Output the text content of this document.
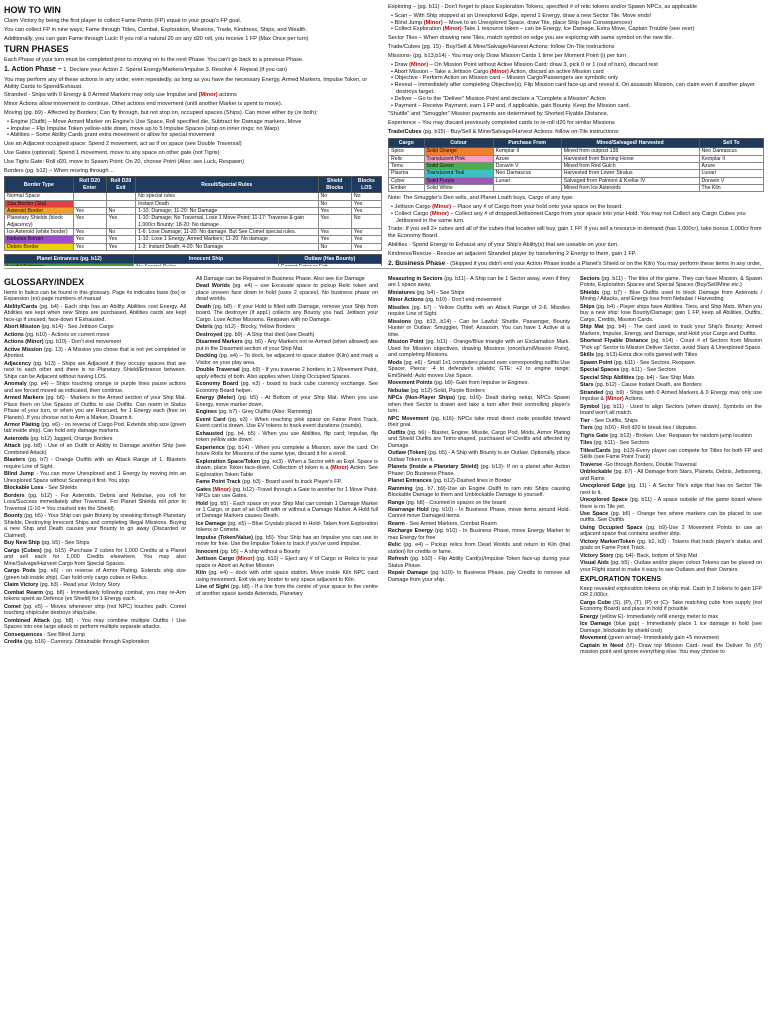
HOW TO WIN

Claim Victory by being the first player to collect Fame Points (FP) equal to your group's FP goal.

You can collect FP in nine ways; Fame through Titles, Combat, Exploration, Missions, Trade, Kindness, Ships, and Wealth.

Additionally, you can gain Fame through Luck: If you roll a natural 20 on any d20 roll, you receive 1 FP (Max Once per turn)

TURN PHASES

Each Phase of your turn must be completed prior to moving on to the next Phase. You can't go back to a previous Phase.

1. Action Phase – 1. Declare your Action 2. Spend Energy/Markers/Impulse 3. Resolve 4. Repeat (if you can)

You may perform any of these actions in any order, even repeatedly, as long as you have the necessary Energy, Armed Markers, Impulse Token, or Ability Cards to Spend/Exhaust.

Stranded - Ships with 0 Energy & 0 Armed Markers may only use Impulse and (Minor) actions

Minor Actions allow movement to continue. Other actions end movement (until another Marker is spent to move).

Moving (pg. b9) - Affected by Borders; Can fly through, but not stop on, occupied spaces (Ships). Can move either by (or both):

• Engine (Outfit) – Move Armed Marker on Engine's Use Space, Roll specified die, Subtract for Damage markers, Move
• Impulse – Flip Impulse Token yellow-side down, move up to 5 Impulse Spaces (stop on inner rings; no Warp)
• Abilities – Some Ability Cards grant extra movement or allow for special movement

Use an Adjacent occupied space: Spend 2 movement, act as if on space (see Double Traversal)

Use Gates (optional): Spend 1 movement, move to any space on other gate (not Tigris)

Use Tigris Gate: Roll d20, move to Spawn Point; On 20, choose Point (Also: see Luck, Respawn)

Borders (pg. b12) – When moving through…

Border Type	Roll D20 Enter	Roll D20 Exit	Result/Special Rules	Shield Blocks	Blocks LOS
Normal Space			No special rules	No	No
Star Border (Sta)			Instant Death	No	Yes
Asteroid Border	Yes	No	1-10: Damage; 11-20: No Damage	Yes	Yes
Planetary Shields (block Adjacency)	Yes	Yes	1-10: Damage; No Traversal, Lose 1 Move Point; 11-17: Traverse & gain 1,000cr Bounty; 18-20: No damage	Yes	No
Ice Asteroid (white border)	Yes	No	1-6: Lose Damage; 11-20: No damage. But See Comet special rules.	Yes	Yes
Nebulae Border	Yes	Yes	1-10: Lose 1 Energy, Armed Markers; 11-20: No damage	Yes	Yes
Debris Border	Yes	Yes	1-3: Instant Death; 4-20: No Damage	No	Yes
Planet Entrances (pg. b12)	Innocent Ship	Outlaw (Has Bounty)

Exploring – (pg. b11) - Don't forget to place Exploration Tokens, specified # of relic tokens and/or Spawn NPCs, as applicable

• Scan – With Ship stopped at an Unexplored Edge, spend 1 Energy, draw a new Sector Tile. Move ends!
• Blind Jump (Minor) – Move to an Unexplored Space, draw Tile, place Ship (see Consequences)
• Collect Exploration (Minor)-Take 1 resource token – can be Energy, Ice Damage, Extra Move, Captain Trouble (see over)

Sector Tiles – When drawing new Tiles, match symbol on edge you are exploring with same symbol on the new tile.

Trade/Cubes (pg. 15) - Buy/Sell & Mine/Salvage/Harvest Actions: follow On-Tile instructions

Missions- (pg. b13,b14) - You may only Draw Mission Cards 1 time per Moment Point (i) per turn

• Draw (Minor) – On Mission Point without Active Mission Card: draw 3, pick 0 or 1 (out of turn), discard rest
• Abort Mission – Take a Jettison Cargo (Minor) Action, discard an active Mission card
• Objective - Perform Action on Mission card – Mission Cargo/Passengers are symbolic only
• Reveal – Immediately after completing Objective(s), Flip Mission card face-up and reveal it. On assassin Mission, can claim even if another player destroys target.
• Deliver – Go to the "Deliver" Mission Point and declare a "Complete a Mission" Action
• Payment – Receive Payment, earn 1 FP and, if applicable, gain Bounty. Keep the Mission card.

"Shuttle" and "Smuggler" Mission payments are determined by Shorted Flyable Distance.

Experience – You may discard previously completed cards to re-roll d20 for similar Missions

Trade/Cubes (pg. b15) - Buy/Sell & Mine/Salvage/Harvest Actions: follow on-Tile instructions:

Cargo	Colour	Purchase From	Mined/Salvaged/ Harvested	Sell To
Spice	Solid Orange	Kemplar II	Mined from outpost 138	Neo Damascus
Relic	Translucent Pink	Azure	Harvested from Burning Horse	Kemplar II
Terra	Solid Green	Doravin V	Mined from Red Gulch	Azure
Plasma	Translucent Teal	Neo Damascus	Harvested from Lower Stratus	Lunari
Cyber	Solid Purple	Lunari	Salvaged from Palmont & Krellar IV	Doravin V
Ember	Solid White		Mined from Ice Asteroids	The Kiln

Note: The Smuggler's Den sells, and Planet Loath buys, Cargo of any type.

• Jettison Cargo (Minor) – Place any # of Cargo from your hold onto your space on the board.
• Collect Cargo (Minor) – Collect any # of dropped/Jettisoned Cargo from your space into your Hold. You may not Collect any Cargo Cubes you Jettisoned in the same turn.

Trade: If you sell 2+ cubes and all of the cubes that location will buy, gain 1 FP. If you sell a resource in demand (has 1,000cr), take bonus 1,000cr from the Economy Board.

Abilities - Spend Energy to Exhaust any of your Ship's Ability(s) that are useable on your turn.

Kindness/Rescue - Rescue an adjacent Stranded player by transferring 2 Energy to them, gain 1 FP.

2. Business Phase - (Skipped if you didn't end your Action Phase inside a Planet's Shield or on the Kiln) You may perform these items in any order,

GLOSSARY/INDEX

Items in Italics can be found in this glossary. Page #s indicates base (bx) or Expansion (ex) page numbers of manual

Ability/Cards (pg. b4) - Each ship has an Ability. Abilities cost Energy. All Abilities are kept when new Ships are purchased. Abilities cards are kept face-up if unused, face-down if Exhausted.

Abort Mission (pg. b14) - See Jettison Cargo

Actions (pg. b10) - Actions on current move

Actions (Minor) (pg. b10) - Don't end movement

Active Mission (pg. 13) - A Mission you chose that is not yet completed or Aborted.

Adjacency (pg. b13) - Ships are Adjacent if they occupy spaces that are next to each other and there is no Planetary Shield/Entrance between. Ships can be Adjacent without having LOS.

Anomaly (pg. e4) – Ships touching orange or purple lines pause actions and are forced moved as indicated, then continue.

Armed Markers (pg. b6) - Markers in the Armed section of your Ship Mat. Place them on Use Spaces of Outfits to use Outfits. Can rearm in Status Phase of your turn, or when you are Rescued, for 1 Energy each (free on Planets). If you choose not to Arm a Marker, Disarm it.

Armor Plating (pg. e6) - on reverse of Cargo Pod. Extends ship size (green tab inside ship). Can hold only damage markers.

Asteroids (pg. b12) Jagged, Orange Borders

Attack (pg. b8) - Use of an Outfit or Ability to Damage another Ship (see Combined Attack)

Blasters (pg. b7) - Orange Outfits with an Attack Range of 1. Blasters require Line of Sight.

Blind Jump - You can move Unexplored and 1 Energy by moving into an Unexplored Space without Scanning it first. You stop.

Blockable Loss - See Shields

Borders (pg. b12) - For Asteroids, Debris and Nebulae, you roll for Loss/Success immediately after Traversal. For Planet Shields roll prior to Traversal (1-10 = You crashed into the Shield).

Bounty (pg. b5) - Your Ship can gain Bounty by sneaking through Planetary Shields, Destroying Innocent Ships and completing Illegal Missions. Buying a new Ship and Death causes your Bounty to go away (Discarded or Claimed).

Buy New Ship (pg. b5) - See Ships

Cargo (Cubes) (pg. b15) -Purchase 2 cubes for 1,000 Credits at a Planet and sell each for 1,000 Credits elsewhere. You may also Mine/Salvage/Harvest Cargo from Special Spaces.

Cargo Pods (pg. e6) - on reverse of Armor Plating. Extends ship size (green tab inside ship). Can hold only cargo cubes or Relics.

Claim Victory (pg. b3) - Read your Victory Story

Combat Rearm (pg. b8) - Immediately following combat, you may re-Arm tokens spent as Defence (ex Shield) for 1 Energy each.

Comet (pg. e5) – Moves whenever ship (not NPC) touches path. Comet touching ship/cube destroys ship/cube.

Combined Attack (pg. b8) - You may combine multiple Outfits / Use Spaces into one large attack or perform multiple separate attacks.

Consequences - See Blind Jump

Credits (pg. b16) - Currency. Obtainable through Exploration

All Damage can be Repaired in Business Phase. Also see Ice Damage

Dead Worlds (pg. e4) – use Excavate space to pickup Relic token and place unseen face down in hold (uses 2 spaces). No business phase on dead worlds.

Death (pg. b8) - If your Hold is filled with Damage, remove your Ship from board. The destroyer (if appl.) collects any Bounty you had. Jettison your Cargo. Lose Active Missions. Respawn with no Damage.

Debris (pg. b12) - Blocky, Yellow Borders

Destroyed (pg. b9) - A Ship that died (see Death)

Disarmed Markers (pg. b6) - Any Markers not re-Armed (when allowed) are put in the Disarmed section of your Ship Mat.

Docking (pg. e4) – To dock, be adjacent to space station (Kiln) and mark a Visitor on your play area.

Double Traversal (pg. b9) - If you traverse 2 borders in 1 Movement Point, apply effects of both. Also applies when Using Occupied Spaces.

Economy Board (pg. e3) - board to track cube currency exchange. See Economy Board helper.

Energy (Meter) (pg. b5) - At Bottom of your Ship Mat. When you use Energy, move marker down.

Engines (pg. b7) - Grey Outfits (Also: Ramming)

Event Card (pg. e3) - When reaching pink space on Fame Point Track, Event card is drawn. Use EV tokens to track event durations (rounds).

Exhausted (pg. b4, b5) - When you use Abilities, flip card; Impulse, flip token yellow side down.

Experience (pg. b14) - When you complete a Mission, save the card. On future Rolls for Missions of the same type, discard it for a reroll.

Exploration Space/Token (pg. ex3) - When a Sector with an Expl. Space is drawn, place Token face-down. Collection of token is a (Minor) Action. See Exploration Token Table

Fame Point Track (pg. b3) - Board used to track Player's FP.

Gates (Minor) (pg. b12) -Travel through a Gate to another for 1 Move Point. NPCs can use Gates.

Hold (pg. b5) - Each space on your Ship Mat can contain 1 Damage Marker or 1 Cargo, or part of an Outfit with or without a Damage Marker. A Hold full of Damage Markers causes Death.

Ice Damage (pg. e5) – Blue Crystals placed in Hold- Taken from Exploration tokens or Comets.

Impulse (Token/Value) (pg. b5)- Your Ship has an Impulse you can use to move for free. Use the Impulse Token to track if you've used Impulse.

Innocent (pg. b5) – A ship without a Bounty

Jettison Cargo (Minor) (pg. b10) – Eject any # of Cargo or Relics to your space or Abort an Active Mission

Kiln (pg. e4) – dock with orbit space station. Move inside Kiln NPC card using movement. Exit via any border to any space adjacent to Kiln.

Line of Sight (pg. b8) - If a line from the centre of your space to the centre of another space avoids Asteroids, Planetary

Measuring in Sectors (pg. b11) - A Ship can be 1 Sector away, even if they are 1 space away.

Miniatures (pg. b4) - See Ships

Minor Actions (pg. b10) - Don't end movement

Missiles (pg. b7) - Yellow Outfits with an Attack Range of 2-6. Missiles require Line of Sight.

Missions (pg. b13, b14) - Can be Lawful: Shuttle, Passenger, Bounty Hunter or Outlaw: Smuggler, Thief, Assassin. You can have 1 Active at a time.

Mission Point (pg. b11) - Orange/Blue triangle with an Exclamation Mark. Used for Mission objectives, drawing Missions (once/turn/Mission Point), and completing Missions.

Mods (pg. e6) - Small 1x1 computers placed over corresponding outfits Use Spacer. Pierce: -4 to defender's shields; GTE: +2 to engine range; EmiShield: Auto moves Use Space.

Movement Points (pg. b9)- Gain from Impulse or Engines.

Nebulae (pg. b12)-Solid, Purple Borders

NPCs (Non-Player Ships) (pg. b16)- Dealt during setup, NPCs Spawn when their Sector is drawn and take a turn after their controlling player's turn.

NPC Movement (pg. b16)- NPCs take most direct route possible toward their goal.

Outfits (pg. b6) - Blaster, Engine, Missile, Cargo Pod, Mods, Armor Plating and Shield Outfits are Tetris-shaped, purchased w/ Credits and affected by Damage.

Outlaw (Token) (pg. b5) - A Ship with Bounty is an Outlaw. Optionally, place Outlaw Token on it.

Planets (Inside a Planetary Shield) (pg. b13)- If on a planet after Action Phase: Do Business Phase.

Planet Entrances (pg. b12)-Dashed lines in Border

Ramming (pg. b7, b9)-Use an Engine Outfit to ram into Ships causing Blockable Damage to them and Unblockable Damage to yourself.

Range (pg. b8) - Counted in spaces on the board

Rearrange Hold (pg. b10) - In Business Phase, move items around Hold. Cannot move Damaged items.

Rearm - See Armed Markers, Combat Rearm

Recharge Energy (pg. b10) - In Business Phase, move Energy Marker to max Energy for free

Relic (pg. e4) – Pickup relics from Dead Worlds and return to Kiln (that station) for credits or fame.

Refresh (pg. b10) - Flip Ability Card(s)/Impulse Token face-up during your Status Phase.

Repair Damage (pg. b10)- In Business Phase, pay Credits to remove all Damage from your ship.

Sectors (pg. b11) - The tiles of the game. They can have Mission, & Spawn Points, Exploration Spaces and Special Spaces (Buy/Sell/Mine etc.)

Shields (pg. b7) - Blue Outfits used to block Damage from Asteroids / Mining / Attacks, and Energy loss from Nebulae / Harvesting

Ships (pg. b4) - Player ships have Abilities, Tiers, and Ship Mats. When you buy a new ship: lose Bounty/Damage; gain 1 FP, keep all Abilities, Outfits, Cargo, Credits, Mission Cards.

Ship Mat (pg. b4) - The card used to track your Ship's Bounty; Armed Markers, Impulse, Energy, and Damage, and Hold your Cargo and Outfits.

Shortest Flyable Distance (pg. b14) - Count # of Sectors from Mission "Pick up" Sector to Mission Deliver Sector, avoid Stars & Unexplored Space.

Skills (pg. b13)-Extra dice rolls gained with Titles

Spawn Point (pg. b11) - See Sectors, Respawn

Special Spaces (pg. b11) - See Sectors

Special Ship Abilities (pg. b4) - See Ship Mats

Stars (pg. b12) - Cause Instant Death, are Borders

Stranded (pg. b9) - Ships with 0 Armed Markers & 0 Energy may only use Impulse & (Minor) Actions.

Symbol (pg. b11) - Used to align Sectors (when drawn). Symbols on the board won't all match.

Tier - See Outfits, Ships

Tiers (pg. b16) - Roll d20 to break ties / disputes.

Tigris Gate (pg. b12) - Broken. Use: Respawn for random jump location

Tiles (pg. b11) - See Sectors

Titles/Cards (pg. b13)-Every player can compete for Titles for both FP and Skills (see Fame Point Track)

Traverse -Go through Borders, Double Traversal

Unblockable (pg. b7) - All Damage from Stars, Planets, Debris, Jettisoning, and Rams

Unexplored Edge (pg. 11) - A Sector Tile's edge that has no Sector Tile next to it.

Unexplored Space (pg. b11) - A space outside of the game board where there is no Tile yet.

Use Space (pg. b6) - Orange hex where markers can be placed to use outfits. See Outfits

Using Occupied Space (pg. b9)-Use 2 Movement Points to use an adjacent space that contains another ship.

Victory Marker/Token (pg. b2, b3) - Tokens that track player's status and goals on Fame Point Track.

Victory Story (pg. b4)- Back, bottom of Ship Mat

Visual Aids (pg. b5) - Outlaw and/or player colour Tokens can be placed on your Flight stand to make it easy to see Outlaws and their Owners.

EXPLORATION TOKENS

Keep revealed exploration tokens on ship mat. Cash in 2 tokens to gain 1FP OR 2,000cr.

Cargo Cube (S), (P), (T), (P) or (C)- Take matching cube from supply (not Economy Board) and place in hold if possible

Energy (yellow E)- Immediately refill energy meter to max

Ice Damage (blue gap) - Immediately place 1 ice damage in hold (see Damage, blockable by shield cost)

Movement (green arrow)- Immediately gain +5 movement

Captain in Need (!/!)- Draw top Mission Card- read the Deliver To (!/!) mission point and ignore everything else. You may choose to
